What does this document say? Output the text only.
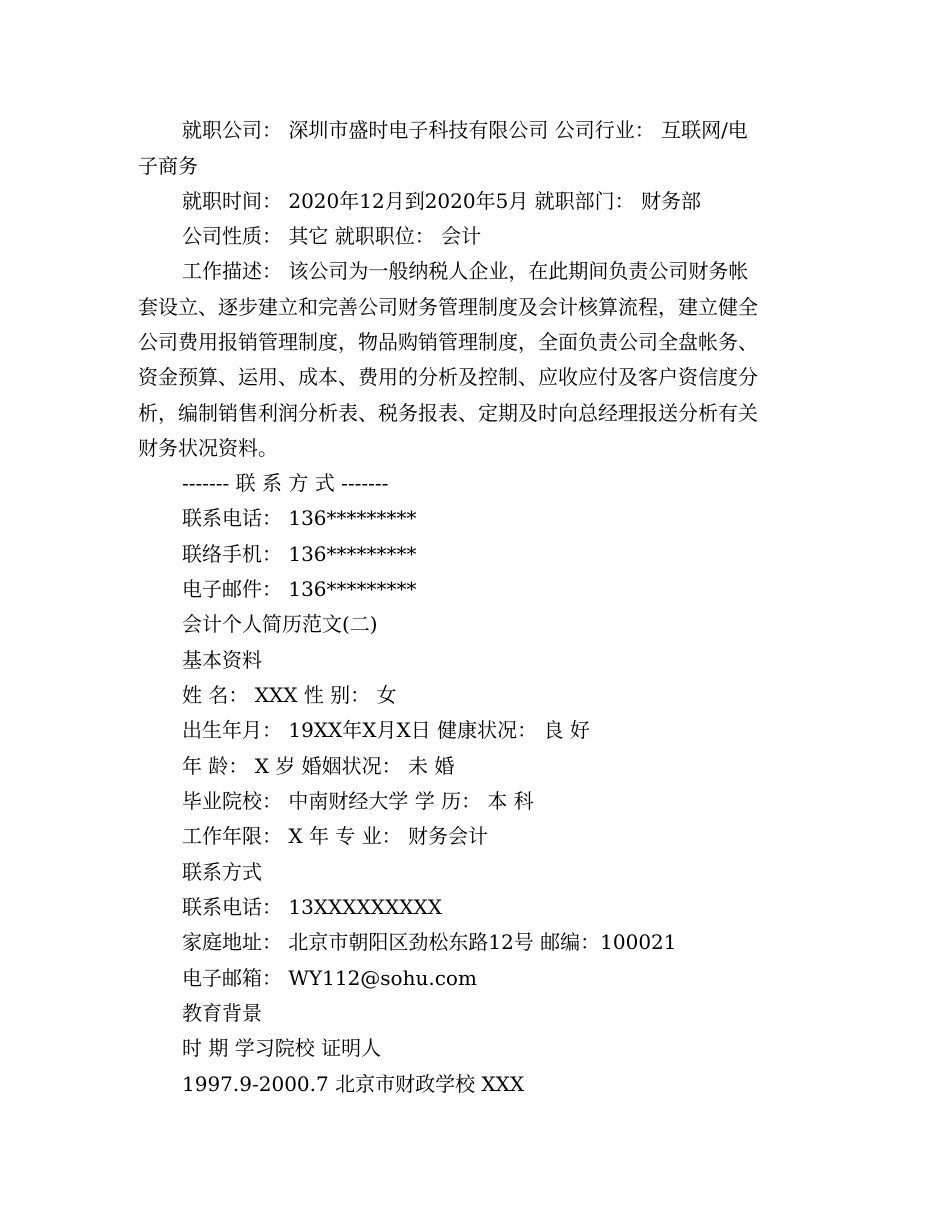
就职公司： 深圳市盛时电子科技有限公司 公司行业： 互联网/电
子商务
就职时间： 2020年12月到2020年5月 就职部门： 财务部
公司性质： 其它 就职职位： 会计
工作描述： 该公司为一般纳税人企业，在此期间负责公司财务帐
套设立、逐步建立和完善公司财务管理制度及会计核算流程，建立健全
公司费用报销管理制度，物品购销管理制度，全面负责公司全盘帐务、
资金预算、运用、成本、费用的分析及控制、应收应付及客户资信度分
析，编制销售利润分析表、税务报表、定期及时向总经理报送分析有关
财务状况资料。
------- 联 系 方 式 -------
联系电话： 136*********
联络手机： 136*********
电子邮件： 136*********
会计个人简历范文(二)
基本资料
姓 名： XXX 性 别： 女
出生年月： 19XX年X月X日 健康状况： 良 好
年 龄： X 岁 婚姻状况： 未 婚
毕业院校： 中南财经大学 学 历： 本 科
工作年限： X 年 专 业： 财务会计
联系方式
联系电话： 13XXXXXXXXX
家庭地址： 北京市朝阳区劲松东路12号 邮编：100021
电子邮箱： WY112@sohu.com
教育背景
时 期 学习院校 证明人
1997.9-2000.7 北京市财政学校 XXX
